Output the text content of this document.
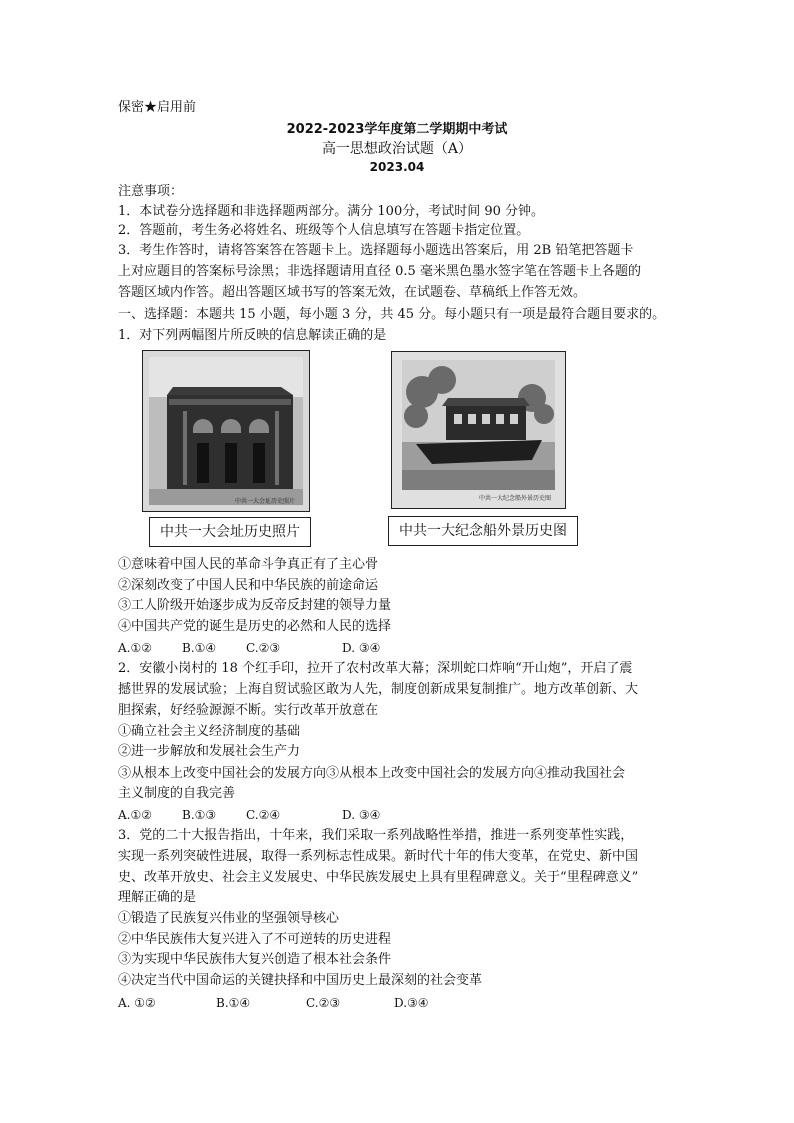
保密★启用前
2022-2023学年度第二学期期中考试
高一思想政治试题（A）
2023.04
注意事项：
1．本试卷分选择题和非选择题两部分。满分 100分，考试时间 90 分钟。
2．答题前，考生务必将姓名、班级等个人信息填写在答题卡指定位置。
3．考生作答时，请将答案答在答题卡上。选择题每小题选出答案后，用 2B 铅笔把答题卡
上对应题目的答案标号涂黑；非选择题请用直径 0.5 毫米黑色墨水签字笔在答题卡上各题的
答题区域内作答。超出答题区域书写的答案无效，在试题卷、草稿纸上作答无效。
一、选择题：本题共 15 小题，每小题 3 分，共 45 分。每小题只有一项是最符合题目要求的。
1．对下列两幅图片所反映的信息解读正确的是
中共一大会址历史照片	中共一大纪念船外景历史图
中共一大会址历史照片	中共一大纪念船外景历史图
①意味着中国人民的革命斗争真正有了主心骨
②深刻改变了中国人民和中华民族的前途命运
③工人阶级开始逐步成为反帝反封建的领导力量
④中国共产党的诞生是历史的必然和人民的选择
A.①②	B.①④ C.②③	D. ③④
2．安徽小岗村的 18 个红手印，拉开了农村改革大幕；深圳蛇口炸响“开山炮”，开启了震
撼世界的发展试验；上海自贸试验区敢为人先，制度创新成果复制推广。地方改革创新、大
胆探索，好经验源源不断。实行改革开放意在
①确立社会主义经济制度的基础
②进一步解放和发展社会生产力
③从根本上改变中国社会的发展方向③从根本上改变中国社会的发展方向④推动我国社会
主义制度的自我完善
A.①②	B.①③ C.②④	D. ③④
3．党的二十大报告指出，十年来，我们采取一系列战略性举措，推进一系列变革性实践，
实现一系列突破性进展，取得一系列标志性成果。新时代十年的伟大变革，在党史、新中国
史、改革开放史、社会主义发展史、中华民族发展史上具有里程碑意义。关于“里程碑意义”
理解正确的是
①锻造了民族复兴伟业的坚强领导核心
②中华民族伟大复兴进入了不可逆转的历史进程
③为实现中华民族伟大复兴创造了根本社会条件
④决定当代中国命运的关键抉择和中国历史上最深刻的社会变革
A. ①②	B.①④	C.②③	D.③④
